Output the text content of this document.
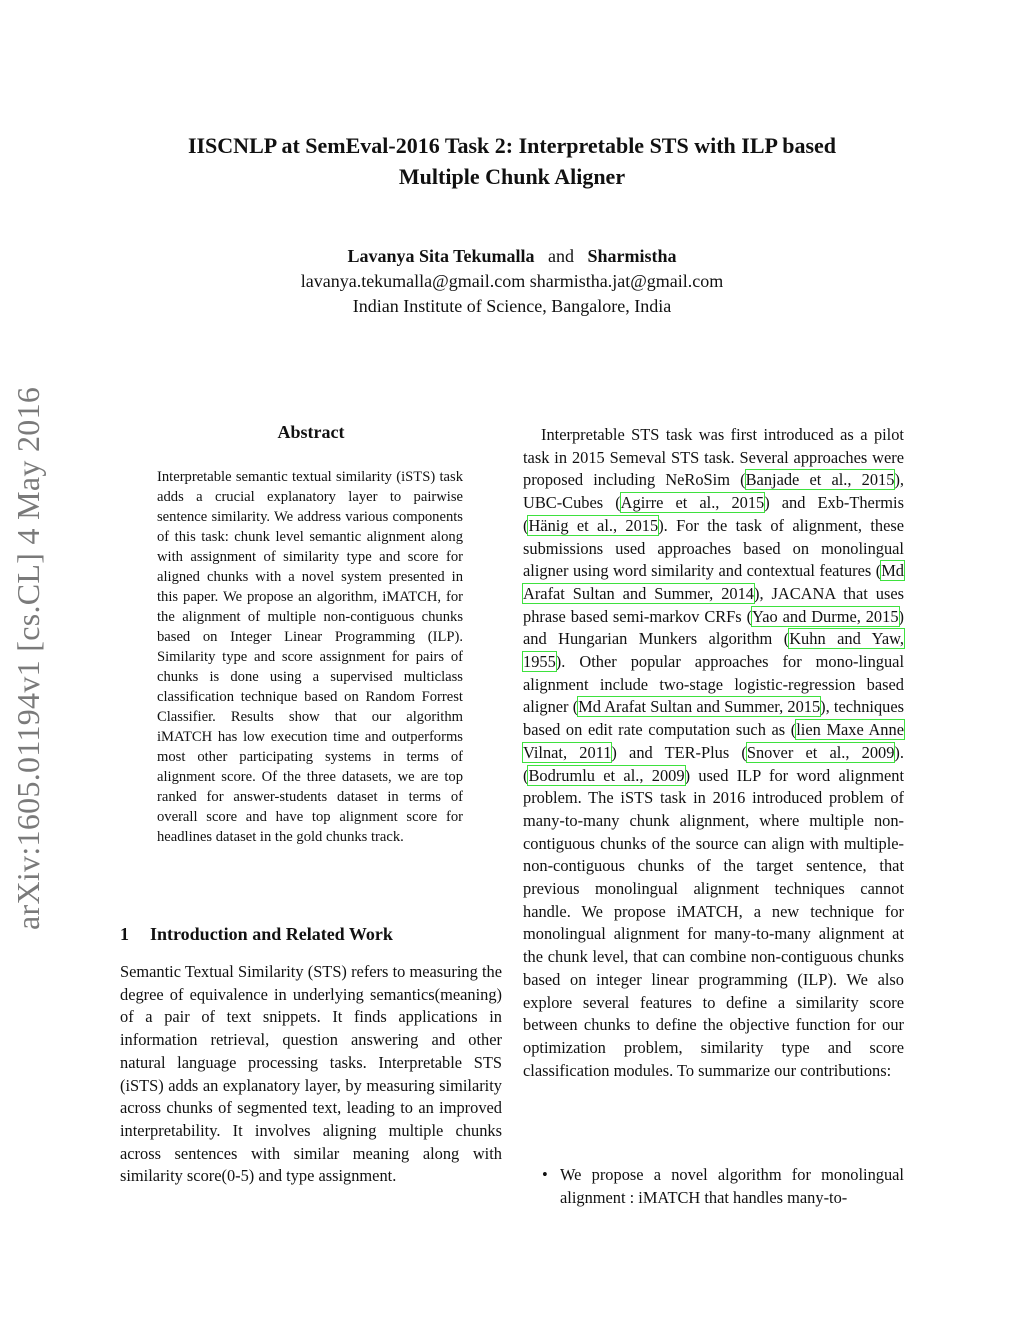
arXiv:1605.01194v1 [cs.CL] 4 May 2016
IISCNLP at SemEval-2016 Task 2: Interpretable STS with ILP based
Multiple Chunk Aligner
Lavanya Sita Tekumalla   and   Sharmistha
lavanya.tekumalla@gmail.com sharmistha.jat@gmail.com
Indian Institute of Science, Bangalore, India
Abstract

Interpretable semantic textual similarity (iSTS) task adds a crucial explanatory layer to pairwise sentence similarity. We address various components of this task: chunk level semantic alignment along with assignment of similarity type and score for aligned chunks with a novel system presented in this paper. We propose an algorithm, iMATCH, for the alignment of multiple non-contiguous chunks based on Integer Linear Programming (ILP). Similarity type and score assignment for pairs of chunks is done using a supervised multiclass classification technique based on Random Forrest Classifier. Results show that our algorithm iMATCH has low execution time and outperforms most other participating systems in terms of alignment score. Of the three datasets, we are top ranked for answer-students dataset in terms of overall score and have top alignment score for headlines dataset in the gold chunks track.

1 Introduction and Related Work

Semantic Textual Similarity (STS) refers to measuring the degree of equivalence in underlying semantics(meaning) of a pair of text snippets. It finds applications in information retrieval, question answering and other natural language processing tasks. Interpretable STS (iSTS) adds an explanatory layer, by measuring similarity across chunks of segmented text, leading to an improved interpretability. It involves aligning multiple chunks across sentences with similar meaning along with similarity score(0-5) and type assignment.

Interpretable STS task was first introduced as a pilot task in 2015 Semeval STS task. Several approaches were proposed including NeRoSim (Banjade et al., 2015), UBC-Cubes (Agirre et al., 2015) and Exb-Thermis (Hänig et al., 2015). For the task of alignment, these submissions used approaches based on monolingual aligner using word similarity and contextual features (Md Arafat Sultan and Summer, 2014), JACANA that uses phrase based semi-markov CRFs (Yao and Durme, 2015) and Hungarian Munkers algorithm (Kuhn and Yaw, 1955). Other popular approaches for mono-lingual alignment include two-stage logistic-regression based aligner (Md Arafat Sultan and Summer, 2015), techniques based on edit rate computation such as (lien Maxe Anne Vilnat, 2011) and TER-Plus (Snover et al., 2009). (Bodrumlu et al., 2009) used ILP for word alignment problem. The iSTS task in 2016 introduced problem of many-to-many chunk alignment, where multiple non-contiguous chunks of the source can align with multiple-non-contiguous chunks of the target sentence, that previous monolingual alignment techniques cannot handle. We propose iMATCH, a new technique for monolingual alignment for many-to-many alignment at the chunk level, that can combine non-contiguous chunks based on integer linear programming (ILP). We also explore several features to define a similarity score between chunks to define the objective function for our optimization problem, similarity type and score classification modules. To summarize our contributions:

• We propose a novel algorithm for monolingual alignment : iMATCH that handles many-to-
